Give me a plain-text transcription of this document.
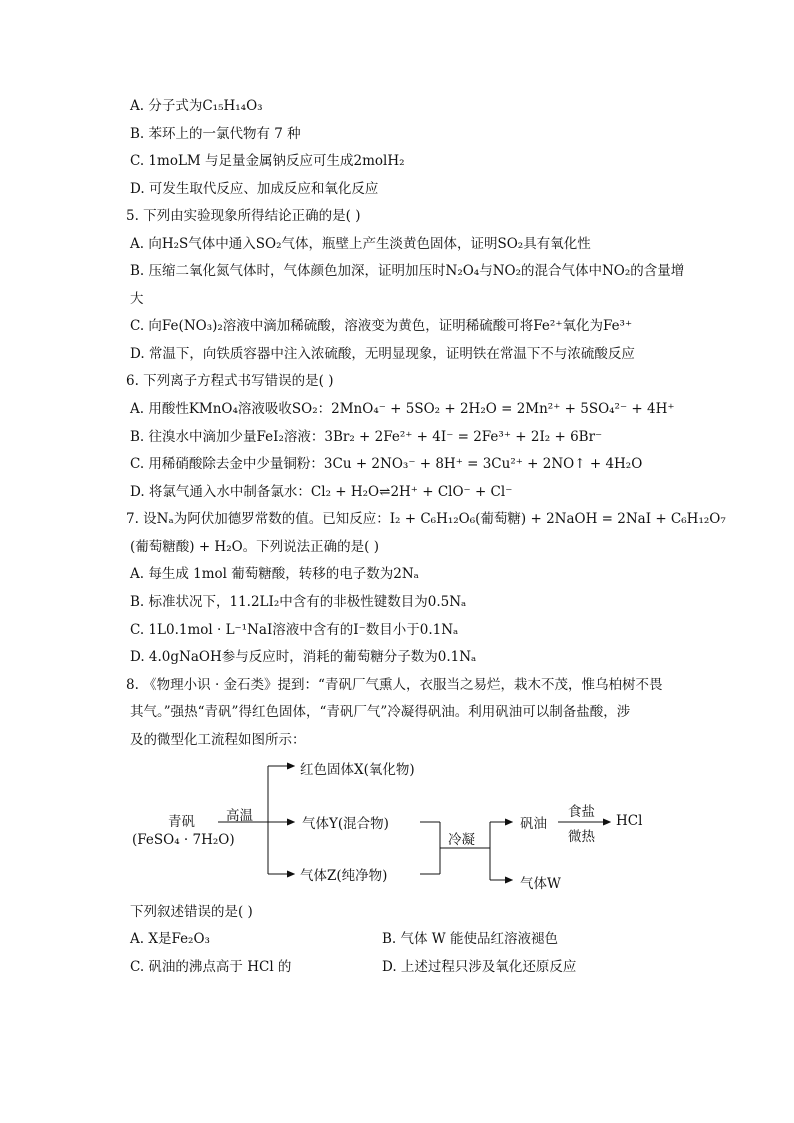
A. 分子式为C₁₅H₁₄O₃
B. 苯环上的一氯代物有 7 种
C. 1moLM 与足量金属钠反应可生成2molH₂
D. 可发生取代反应、加成反应和氧化反应
5. 下列由实验现象所得结论正确的是( )
A. 向H₂S气体中通入SO₂气体，瓶壁上产生淡黄色固体，证明SO₂具有氧化性
B. 压缩二氧化氮气体时，气体颜色加深，证明加压时N₂O₄与NO₂的混合气体中NO₂的含量增
大
C. 向Fe(NO₃)₂溶液中滴加稀硫酸，溶液变为黄色，证明稀硫酸可将Fe²⁺氧化为Fe³⁺
D. 常温下，向铁质容器中注入浓硫酸，无明显现象，证明铁在常温下不与浓硫酸反应
6. 下列离子方程式书写错误的是( )
A. 用酸性KMnO₄溶液吸收SO₂：2MnO₄⁻ + 5SO₂ + 2H₂O = 2Mn²⁺ + 5SO₄²⁻ + 4H⁺
B. 往溴水中滴加少量FeI₂溶液：3Br₂ + 2Fe²⁺ + 4I⁻ = 2Fe³⁺ + 2I₂ + 6Br⁻
C. 用稀硝酸除去金中少量铜粉：3Cu + 2NO₃⁻ + 8H⁺ = 3Cu²⁺ + 2NO↑ + 4H₂O
D. 将氯气通入水中制备氯水：Cl₂ + H₂O⇌2H⁺ + ClO⁻ + Cl⁻
7. 设Nₐ为阿伏加德罗常数的值。已知反应：I₂ + C₆H₁₂O₆(葡萄糖) + 2NaOH = 2NaI + C₆H₁₂O₇
(葡萄糖酸) + H₂O。下列说法正确的是( )
A. 每生成 1mol 葡萄糖酸，转移的电子数为2Nₐ
B. 标准状况下，11.2LI₂中含有的非极性键数目为0.5Nₐ
C. 1L0.1mol · L⁻¹NaI溶液中含有的I⁻数目小于0.1Nₐ
D. 4.0gNaOH参与反应时，消耗的葡萄糖分子数为0.1Nₐ
8. 《物理小识 · 金石类》提到：“青矾厂气熏人，衣服当之易烂，栽木不茂，惟乌柏树不畏
其气。”强热“青矾”得红色固体，“青矾厂气”冷凝得矾油。利用矾油可以制备盐酸，涉
及的微型化工流程如图所示：
青矾
(FeSO₄ · 7H₂O)
高温
红色固体X(氧化物)
气体Y(混合物)
气体Z(纯净物)
冷凝
矾油
食盐
微热
HCl
气体W
下列叙述错误的是( )
A. X是Fe₂O₃	B. 气体 W 能使品红溶液褪色
C. 矾油的沸点高于 HCl 的	D. 上述过程只涉及氧化还原反应
